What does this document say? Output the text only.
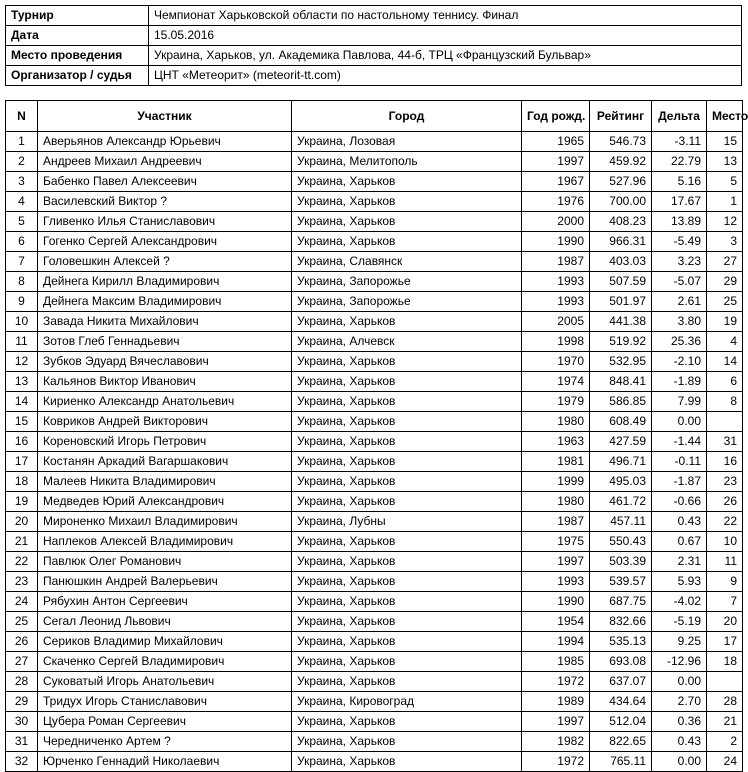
Турнир	Чемпионат Харьковской области по настольному теннису. Финал
Дата	15.05.2016
Место проведения	Украина, Харьков, ул. Академика Павлова, 44-б, ТРЦ «Французский Бульвар»
Организатор / судья	ЦНТ «Метеорит» (meteorit-tt.com)
N	Участник	Город	Год рожд.	Рейтинг	Дельта	Место
1	Аверьянов Александр Юрьевич	Украина, Лозовая	1965	546.73	-3.11	15
2	Андреев Михаил Андреевич	Украина, Мелитополь	1997	459.92	22.79	13
3	Бабенко Павел Алексеевич	Украина, Харьков	1967	527.96	5.16	5
4	Василевский Виктор ?	Украина, Харьков	1976	700.00	17.67	1
5	Гливенко Илья Станиславович	Украина, Харьков	2000	408.23	13.89	12
6	Гогенко Сергей Александрович	Украина, Харьков	1990	966.31	-5.49	3
7	Головешкин Алексей ?	Украина, Славянск	1987	403.03	3.23	27
8	Дейнега Кирилл Владимирович	Украина, Запорожье	1993	507.59	-5.07	29
9	Дейнега Максим Владимирович	Украина, Запорожье	1993	501.97	2.61	25
10	Завада Никита Михайлович	Украина, Харьков	2005	441.38	3.80	19
11	Зотов Глеб Геннадьевич	Украина, Алчевск	1998	519.92	25.36	4
12	Зубков Эдуард Вячеславович	Украина, Харьков	1970	532.95	-2.10	14
13	Кальянов Виктор Иванович	Украина, Харьков	1974	848.41	-1.89	6
14	Кириенко Александр Анатольевич	Украина, Харьков	1979	586.85	7.99	8
15	Ковриков Андрей Викторович	Украина, Харьков	1980	608.49	0.00	
16	Кореновский Игорь Петрович	Украина, Харьков	1963	427.59	-1.44	31
17	Костанян Аркадий Вагаршакович	Украина, Харьков	1981	496.71	-0.11	16
18	Малеев Никита Владимирович	Украина, Харьков	1999	495.03	-1.87	23
19	Медведев Юрий Александрович	Украина, Харьков	1980	461.72	-0.66	26
20	Мироненко Михаил Владимирович	Украина, Лубны	1987	457.11	0.43	22
21	Наплеков Алексей Владимирович	Украина, Харьков	1975	550.43	0.67	10
22	Павлюк Олег Романович	Украина, Харьков	1997	503.39	2.31	11
23	Панюшкин Андрей Валерьевич	Украина, Харьков	1993	539.57	5.93	9
24	Рябухин Антон Сергеевич	Украина, Харьков	1990	687.75	-4.02	7
25	Сегал Леонид Львович	Украина, Харьков	1954	832.66	-5.19	20
26	Сериков Владимир Михайлович	Украина, Харьков	1994	535.13	9.25	17
27	Скаченко Сергей Владимирович	Украина, Харьков	1985	693.08	-12.96	18
28	Суковатый Игорь Анатольевич	Украина, Харьков	1972	637.07	0.00	
29	Тридух Игорь Станиславович	Украина, Кировоград	1989	434.64	2.70	28
30	Цубера Роман Сергеевич	Украина, Харьков	1997	512.04	0.36	21
31	Чередниченко Артем ?	Украина, Харьков	1982	822.65	0.43	2
32	Юрченко Геннадий Николаевич	Украина, Харьков	1972	765.11	0.00	24
